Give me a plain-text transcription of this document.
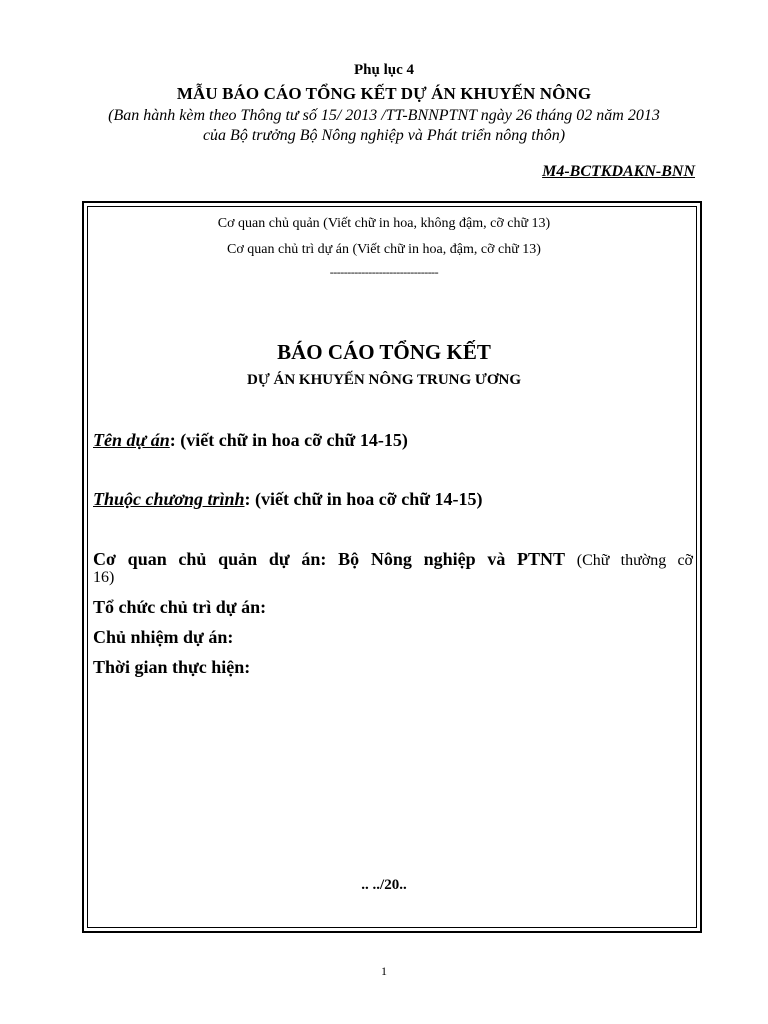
Phụ lục 4
MẪU BÁO CÁO TỔNG KẾT DỰ ÁN KHUYẾN NÔNG
(Ban hành kèm theo Thông tư số 15/ 2013 /TT-BNNPTNT ngày 26 tháng 02 năm 2013
của Bộ trưởng Bộ Nông nghiệp và Phát triển nông thôn)
M4-BCTKDAKN-BNN
Cơ quan chủ quản (Viết chữ in hoa, không đậm, cỡ chữ 13)
Cơ quan chủ trì dự án (Viết chữ in hoa, đậm, cỡ chữ 13)
-------------------------------
BÁO CÁO TỔNG KẾT
DỰ ÁN KHUYẾN NÔNG TRUNG ƯƠNG
Tên dự án: (viết chữ in hoa cỡ chữ 14-15)
Thuộc chương trình: (viết chữ in hoa cỡ chữ 14-15)
Cơ quan chủ quản dự án: Bộ Nông nghiệp và PTNT (Chữ thường cỡ
16)
Tổ chức chủ trì dự án:
Chủ nhiệm dự án:
Thời gian thực hiện:
.. ../20..
1
